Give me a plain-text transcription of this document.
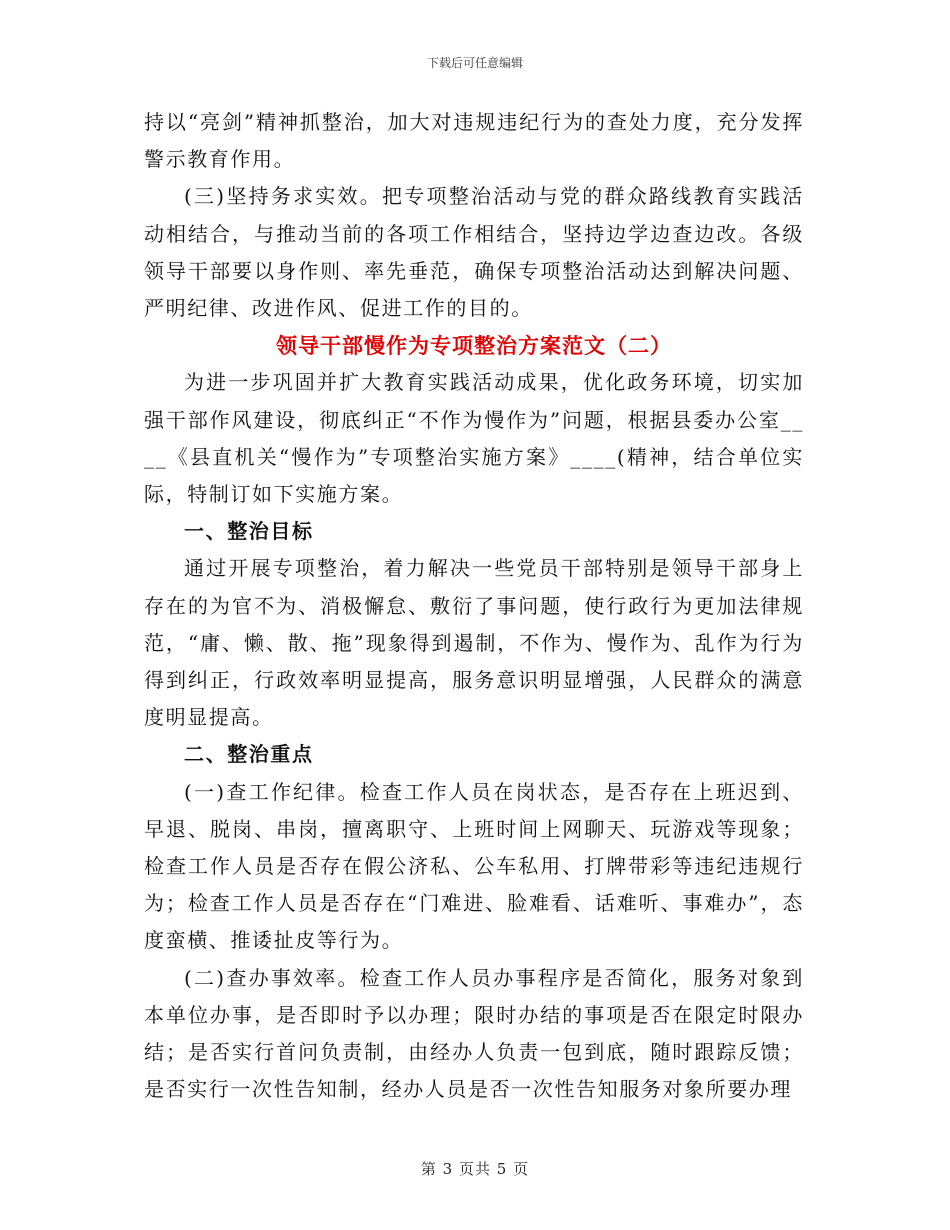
下载后可任意编辑

持以“亮剑”精神抓整治，加大对违规违纪行为的查处力度，充分发挥警示教育作用。

(三)坚持务求实效。把专项整治活动与党的群众路线教育实践活动相结合，与推动当前的各项工作相结合，坚持边学边查边改。各级领导干部要以身作则、率先垂范，确保专项整治活动达到解决问题、严明纪律、改进作风、促进工作的目的。

领导干部慢作为专项整治方案范文（二）

为进一步巩固并扩大教育实践活动成果，优化政务环境，切实加强干部作风建设，彻底纠正“不作为慢作为”问题，根据县委办公室____《县直机关“慢作为”专项整治实施方案》____(精神，结合单位实际，特制订如下实施方案。

一、整治目标

通过开展专项整治，着力解决一些党员干部特别是领导干部身上存在的为官不为、消极懈怠、敷衍了事问题，使行政行为更加法律规范，“庸、懒、散、拖”现象得到遏制，不作为、慢作为、乱作为行为得到纠正，行政效率明显提高，服务意识明显增强，人民群众的满意度明显提高。

二、整治重点

(一)查工作纪律。检查工作人员在岗状态，是否存在上班迟到、早退、脱岗、串岗，擅离职守、上班时间上网聊天、玩游戏等现象；检查工作人员是否存在假公济私、公车私用、打牌带彩等违纪违规行为；检查工作人员是否存在“门难进、脸难看、话难听、事难办”，态度蛮横、推诿扯皮等行为。

(二)查办事效率。检查工作人员办事程序是否简化，服务对象到本单位办事，是否即时予以办理；限时办结的事项是否在限定时限办结；是否实行首问负责制，由经办人负责一包到底，随时跟踪反馈；是否实行一次性告知制，经办人员是否一次性告知服务对象所要办理

第 3 页共 5 页
